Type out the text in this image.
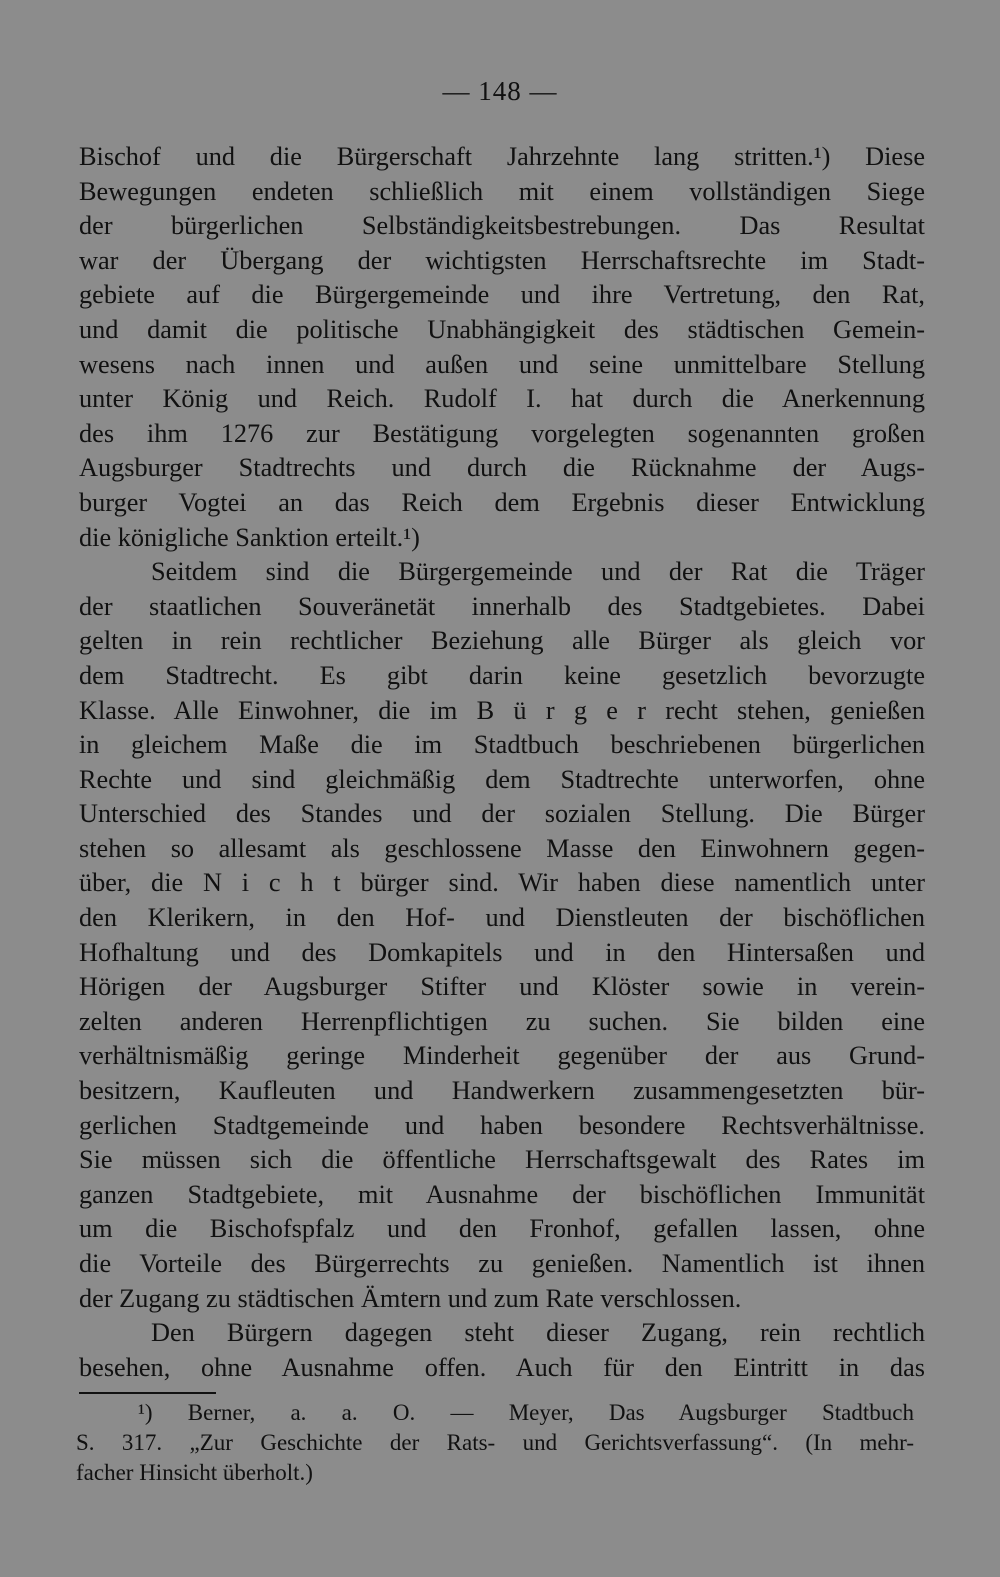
— 148 —
Bischof und die Bürgerschaft Jahrzehnte lang stritten.¹) Diese
Bewegungen endeten schließlich mit einem vollständigen Siege
der bürgerlichen Selbständigkeitsbestrebungen. Das Resultat
war der Übergang der wichtigsten Herrschaftsrechte im Stadt-
gebiete auf die Bürgergemeinde und ihre Vertretung, den Rat,
und damit die politische Unabhängigkeit des städtischen Gemein-
wesens nach innen und außen und seine unmittelbare Stellung
unter König und Reich. Rudolf I. hat durch die Anerkennung
des ihm 1276 zur Bestätigung vorgelegten sogenannten großen
Augsburger Stadtrechts und durch die Rücknahme der Augs-
burger Vogtei an das Reich dem Ergebnis dieser Entwicklung
die königliche Sanktion erteilt.¹)
Seitdem sind die Bürgergemeinde und der Rat die Träger
der staatlichen Souveränetät innerhalb des Stadtgebietes. Dabei
gelten in rein rechtlicher Beziehung alle Bürger als gleich vor
dem Stadtrecht. Es gibt darin keine gesetzlich bevorzugte
Klasse. Alle Einwohner, die im B ü r g e r recht stehen, genießen
in gleichem Maße die im Stadtbuch beschriebenen bürgerlichen
Rechte und sind gleichmäßig dem Stadtrechte unterworfen, ohne
Unterschied des Standes und der sozialen Stellung. Die Bürger
stehen so allesamt als geschlossene Masse den Einwohnern gegen-
über, die N i c h t bürger sind. Wir haben diese namentlich unter
den Klerikern, in den Hof- und Dienstleuten der bischöflichen
Hofhaltung und des Domkapitels und in den Hintersaßen und
Hörigen der Augsburger Stifter und Klöster sowie in verein-
zelten anderen Herrenpflichtigen zu suchen. Sie bilden eine
verhältnismäßig geringe Minderheit gegenüber der aus Grund-
besitzern, Kaufleuten und Handwerkern zusammengesetzten bür-
gerlichen Stadtgemeinde und haben besondere Rechtsverhältnisse.
Sie müssen sich die öffentliche Herrschaftsgewalt des Rates im
ganzen Stadtgebiete, mit Ausnahme der bischöflichen Immunität
um die Bischofspfalz und den Fronhof, gefallen lassen, ohne
die Vorteile des Bürgerrechts zu genießen. Namentlich ist ihnen
der Zugang zu städtischen Ämtern und zum Rate verschlossen.
Den Bürgern dagegen steht dieser Zugang, rein rechtlich
besehen, ohne Ausnahme offen. Auch für den Eintritt in das
¹) Berner, a. a. O. — Meyer, Das Augsburger Stadtbuch
S. 317. „Zur Geschichte der Rats- und Gerichtsverfassung“. (In mehr-
facher Hinsicht überholt.)
